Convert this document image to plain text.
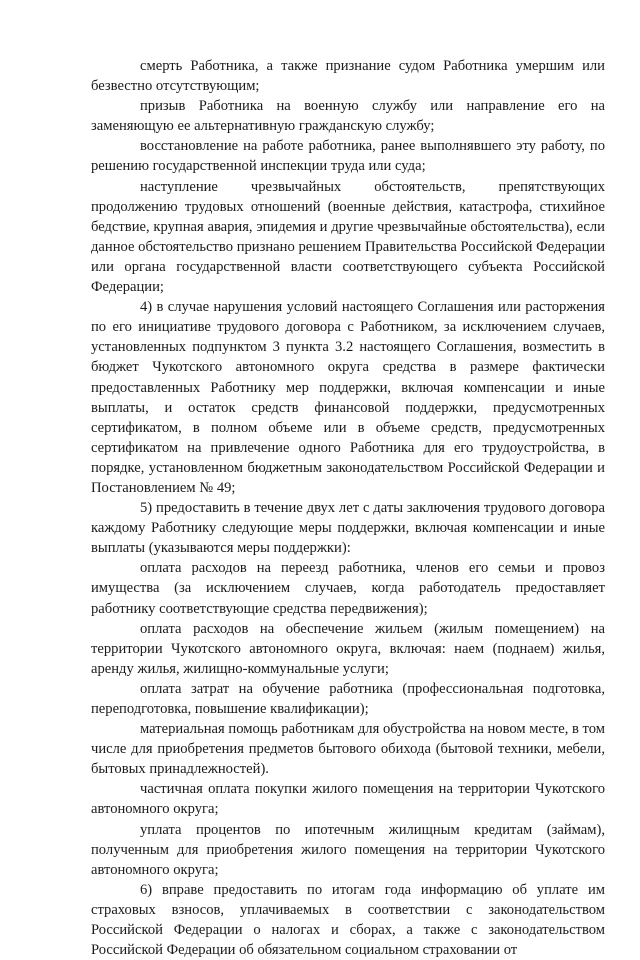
смерть Работника, а также признание судом Работника умершим или безвестно отсутствующим;

призыв Работника на военную службу или направление его на заменяющую ее альтернативную гражданскую службу;

восстановление на работе работника, ранее выполнявшего эту работу, по решению государственной инспекции труда или суда;

наступление чрезвычайных обстоятельств, препятствующих продолжению трудовых отношений (военные действия, катастрофа, стихийное бедствие, крупная авария, эпидемия и другие чрезвычайные обстоятельства), если данное обстоятельство признано решением Правительства Российской Федерации или органа государственной власти соответствующего субъекта Российской Федерации;

4) в случае нарушения условий настоящего Соглашения или расторжения по его инициативе трудового договора с Работником, за исключением случаев, установленных подпунктом 3 пункта 3.2 настоящего Соглашения, возместить в бюджет Чукотского автономного округа средства в размере фактически предоставленных Работнику мер поддержки, включая компенсации и иные выплаты, и остаток средств финансовой поддержки, предусмотренных сертификатом, в полном объеме или в объеме средств, предусмотренных сертификатом на привлечение одного Работника для его трудоустройства, в порядке, установленном бюджетным законодательством Российской Федерации и Постановлением № 49;

5) предоставить в течение двух лет с даты заключения трудового договора каждому Работнику следующие меры поддержки, включая компенсации и иные выплаты (указываются меры поддержки):

оплата расходов на переезд работника, членов его семьи и провоз имущества (за исключением случаев, когда работодатель предоставляет работнику соответствующие средства передвижения);

оплата расходов на обеспечение жильем (жилым помещением) на территории Чукотского автономного округа, включая: наем (поднаем) жилья, аренду жилья, жилищно-коммунальные услуги;

оплата затрат на обучение работника (профессиональная подготовка, переподготовка, повышение квалификации);

материальная помощь работникам для обустройства на новом месте, в том числе для приобретения предметов бытового обихода (бытовой техники, мебели, бытовых принадлежностей).

частичная оплата покупки жилого помещения на территории Чукотского автономного округа;

уплата процентов по ипотечным жилищным кредитам (займам), полученным для приобретения жилого помещения на территории Чукотского автономного округа;

6) вправе предоставить по итогам года информацию об уплате им страховых взносов, уплачиваемых в соответствии с законодательством Российской Федерации о налогах и сборах, а также с законодательством Российской Федерации об обязательном социальном страховании от
